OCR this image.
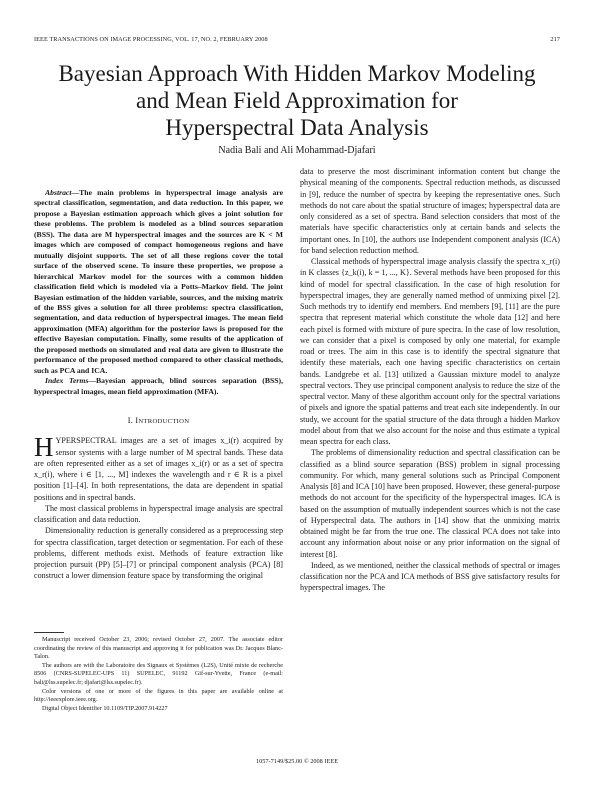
IEEE TRANSACTIONS ON IMAGE PROCESSING, VOL. 17, NO. 2, FEBRUARY 2008	217
Bayesian Approach With Hidden Markov Modeling
and Mean Field Approximation for
Hyperspectral Data Analysis
Nadia Bali and Ali Mohammad-Djafari

Abstract—The main problems in hyperspectral image analysis are spectral classification, segmentation, and data reduction. In this paper, we propose a Bayesian estimation approach which gives a joint solution for these problems. The problem is modeled as a blind sources separation (BSS). The data are M hyperspectral images and the sources are K < M images which are composed of compact homogeneous regions and have mutually disjoint supports. The set of all these regions cover the total surface of the observed scene. To insure these properties, we propose a hierarchical Markov model for the sources with a common hidden classification field which is modeled via a Potts–Markov field. The joint Bayesian estimation of the hidden variable, sources, and the mixing matrix of the BSS gives a solution for all three problems: spectra classification, segmentation, and data reduction of hyperspectral images. The mean field approximation (MFA) algorithm for the posterior laws is proposed for the effective Bayesian computation. Finally, some results of the application of the proposed methods on simulated and real data are given to illustrate the performance of the proposed method compared to other classical methods, such as PCA and ICA.

Index Terms—Bayesian approach, blind sources separation (BSS), hyperspectral images, mean field approximation (MFA).

I. INTRODUCTION

HYPERSPECTRAL images are a set of images x_i(r) acquired by sensor systems with a large number of M spectral bands. These data are often represented either as a set of images x_i(r) or as a set of spectra x_r(i), where i ∈ [1, ..., M] indexes the wavelength and r ∈ R is a pixel position [1]–[4]. In both representations, the data are dependent in spatial positions and in spectral bands.

The most classical problems in hyperspectral image analysis are spectral classification and data reduction.

Dimensionality reduction is generally considered as a preprocessing step for spectra classification, target detection or segmentation. For each of these problems, different methods exist. Methods of feature extraction like projection pursuit (PP) [5]–[7] or principal component analysis (PCA) [8] construct a lower dimension feature space by transforming the original

data to preserve the most discriminant information content but change the physical meaning of the components. Spectral reduction methods, as discussed in [9], reduce the number of spectra by keeping the representative ones. Such methods do not care about the spatial structure of images; hyperspectral data are only considered as a set of spectra. Band selection considers that most of the materials have specific characteristics only at certain bands and selects the important ones. In [10], the authors use Independent component analysis (ICA) for band selection reduction method.

Classical methods of hyperspectral image analysis classify the spectra x_r(i) in K classes {z_k(i), k = 1, ..., K}. Several methods have been proposed for this kind of model for spectral classification. In the case of high resolution for hyperspectral images, they are generally named method of unmixing pixel [2]. Such methods try to identify end members. End members [9], [11] are the pure spectra that represent material which constitute the whole data [12] and here each pixel is formed with mixture of pure spectra. In the case of low resolution, we can consider that a pixel is composed by only one material, for example road or trees. The aim in this case is to identify the spectral signature that identify these materials, each one having specific characteristics on certain bands. Landgrebe et al. [13] utilized a Gaussian mixture model to analyze spectral vectors. They use principal component analysis to reduce the size of the spectral vector. Many of these algorithm account only for the spectral variations of pixels and ignore the spatial patterns and treat each site independently. In our study, we account for the spatial structure of the data through a hidden Markov model about from that we also account for the noise and thus estimate a typical mean spectra for each class.

The problems of dimensionality reduction and spectral classification can be classified as a blind source separation (BSS) problem in signal processing community. For which, many general solutions such as Principal Component Analysis [8] and ICA [10] have been proposed. However, these general-purpose methods do not account for the specificity of the hyperspectral images. ICA is based on the assumption of mutually independent sources which is not the case of Hyperspectral data. The authors in [14] show that the unmixing matrix obtained might be far from the true one. The classical PCA does not take into account any information about noise or any prior information on the signal of interest [8].

Indeed, as we mentioned, neither the classical methods of spectral or images classification nor the PCA and ICA methods of BSS give satisfactory results for hyperspectral images. The

Manuscript received October 23, 2006; revised October 27, 2007. The associate editor coordinating the review of this manuscript and approving it for publication was Dr. Jacques Blanc-Talon.

The authors are with the Laboratoire des Signaux et Systèmes (L2S), Unité mixte de recherche 8506 (CNRS-SUPELEC-UPS 11) SUPELEC, 91192 Gif-sur-Yvette, France (e-mail: bali@lss.supelec.fr; djafari@lss.supelec.fr).

Color versions of one or more of the figures in this paper are available online at http://ieeexplore.ieee.org.

Digital Object Identifier 10.1109/TIP.2007.914227

1057-7149/$25.00 © 2008 IEEE
